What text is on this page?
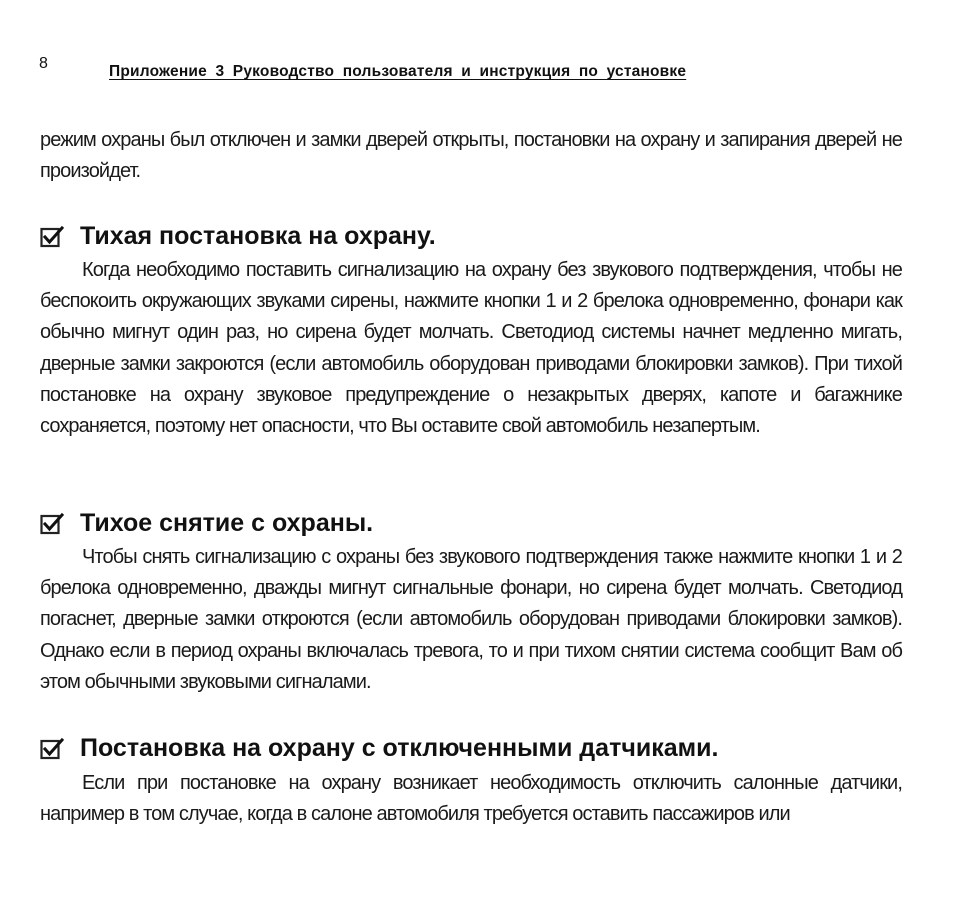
8	Приложение 3 Руководство пользователя и инструкция по установке
режим охраны был отключен и замки дверей открыты, постановки на охрану и запирания дверей не произойдет.
Тихая постановка на охрану.
Когда необходимо поставить сигнализацию на охрану без звукового подтверждения, чтобы не беспокоить окружающих звуками сирены, нажмите кнопки 1 и 2 брелока одновременно, фонари как обычно мигнут один раз, но сирена будет молчать. Светодиод системы начнет медленно мигать, дверные замки закроются (если автомобиль оборудован приводами блокировки замков). При тихой постановке на охрану звуковое предупреждение о незакрытых дверях, капоте и багажнике сохраняется, поэтому нет опасности, что Вы оставите свой автомобиль незапертым.
Тихое снятие с охраны.
Чтобы снять сигнализацию с охраны без звукового подтверждения также нажмите кнопки 1 и 2 брелока одновременно, дважды мигнут сигнальные фонари, но сирена будет молчать. Светодиод погаснет, дверные замки откроются (если автомобиль оборудован приводами блокировки замков). Однако если в период охраны включалась тревога, то и при тихом снятии система сообщит Вам об этом обычными звуковыми сигналами.
Постановка на охрану с отключенными датчиками.
Если при постановке на охрану возникает необходимость отключить салонные датчики, например в том случае, когда в салоне автомобиля требуется оставить пассажиров или
